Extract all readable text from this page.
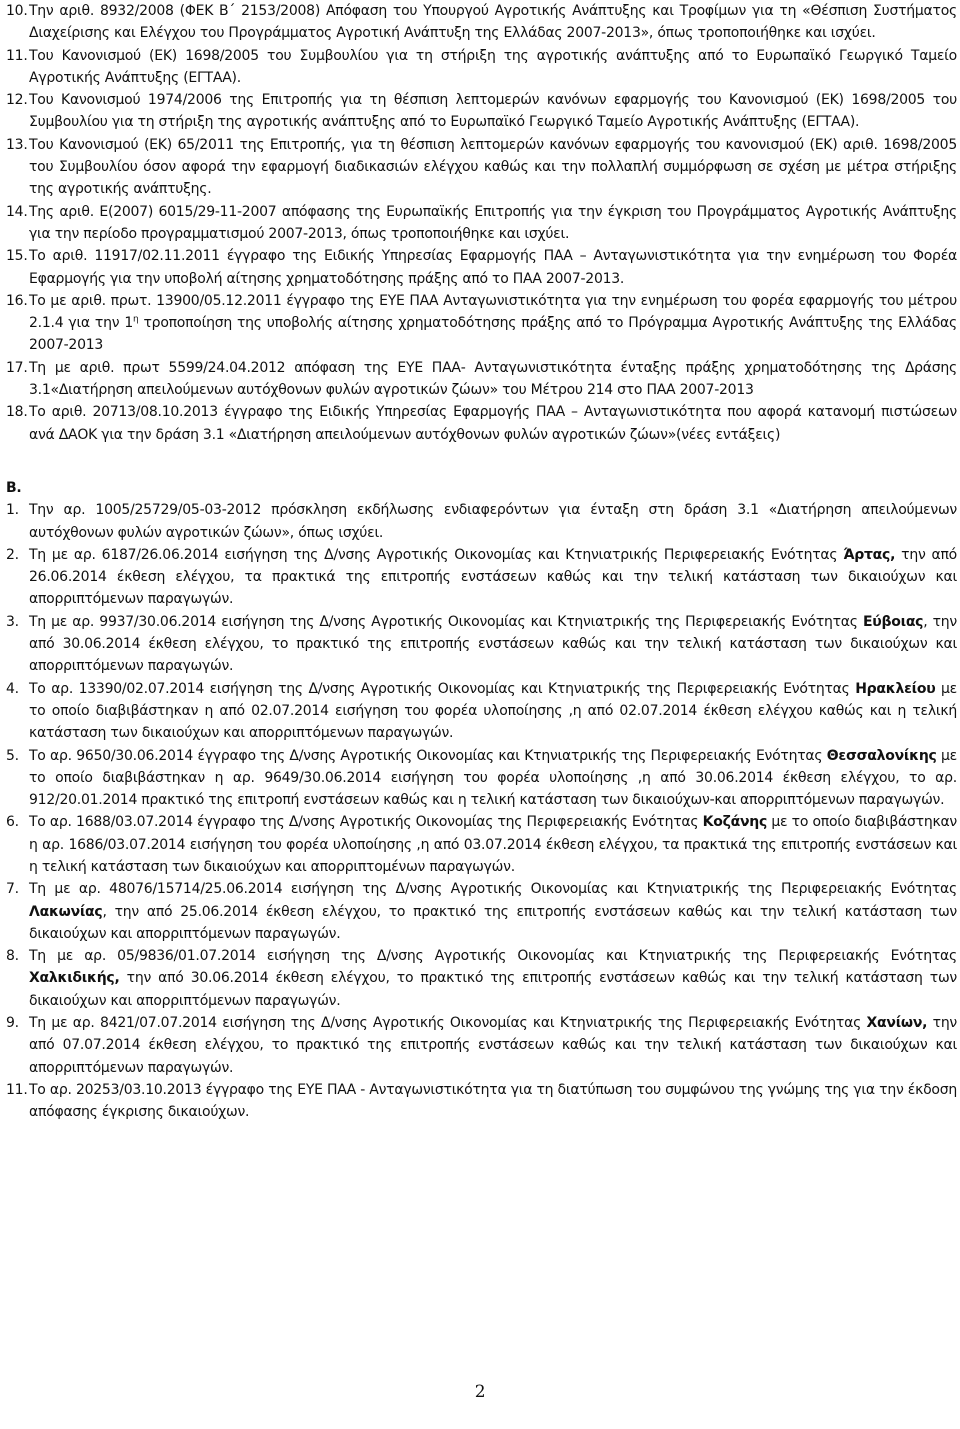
10. Την αριθ. 8932/2008 (ΦΕΚ Β΄ 2153/2008) Απόφαση του Υπουργού Αγροτικής Ανάπτυξης και Τροφίμων για τη «Θέσπιση Συστήματος Διαχείρισης και Ελέγχου του Προγράμματος Αγροτική Ανάπτυξη της Ελλάδας 2007-2013», όπως τροποποιήθηκε και ισχύει.
11. Του Κανονισμού (ΕΚ) 1698/2005 του Συμβουλίου για τη στήριξη της αγροτικής ανάπτυξης από το Ευρωπαϊκό Γεωργικό Ταμείο Αγροτικής Ανάπτυξης (ΕΓΤΑΑ).
12. Του Κανονισμού 1974/2006 της Επιτροπής για τη θέσπιση λεπτομερών κανόνων εφαρμογής του Κανονισμού (ΕΚ) 1698/2005 του Συμβουλίου για τη στήριξη της αγροτικής ανάπτυξης από το Ευρωπαϊκό Γεωργικό Ταμείο Αγροτικής Ανάπτυξης (ΕΓΤΑΑ).
13. Του Κανονισμού (ΕΚ) 65/2011 της Επιτροπής, για τη θέσπιση λεπτομερών κανόνων εφαρμογής του κανονισμού (ΕΚ) αριθ. 1698/2005 του Συμβουλίου όσον αφορά την εφαρμογή διαδικασιών ελέγχου καθώς και την πολλαπλή συμμόρφωση σε σχέση με μέτρα στήριξης της αγροτικής ανάπτυξης.
14. Της αριθ. Ε(2007) 6015/29-11-2007 απόφασης της Ευρωπαϊκής Επιτροπής για την έγκριση του Προγράμματος Αγροτικής Ανάπτυξης για την περίοδο προγραμματισμού 2007-2013, όπως τροποποιήθηκε και ισχύει.
15. Το αριθ. 11917/02.11.2011 έγγραφο της Ειδικής Υπηρεσίας Εφαρμογής ΠΑΑ – Ανταγωνιστικότητα για την ενημέρωση του Φορέα Εφαρμογής για την υποβολή αίτησης χρηματοδότησης πράξης από το ΠΑΑ 2007-2013.
16. Το με αριθ. πρωτ. 13900/05.12.2011 έγγραφο της ΕΥΕ ΠΑΑ Ανταγωνιστικότητα για την ενημέρωση του φορέα εφαρμογής του μέτρου 2.1.4 για την $1^\eta$ τροποποίηση της υποβολής αίτησης χρηματοδότησης πράξης από το Πρόγραμμα Αγροτικής Ανάπτυξης της Ελλάδας 2007-2013
17. Τη με αριθ. πρωτ 5599/24.04.2012 απόφαση της ΕΥΕ ΠΑΑ- Ανταγωνιστικότητα ένταξης πράξης χρηματοδότησης της Δράσης 3.1«Διατήρηση απειλούμενων αυτόχθονων φυλών αγροτικών ζώων» του Μέτρου 214 στο ΠΑΑ 2007-2013
18. Το αριθ. 20713/08.10.2013 έγγραφο της Ειδικής Υπηρεσίας Εφαρμογής ΠΑΑ – Ανταγωνιστικότητα που αφορά κατανομή πιστώσεων ανά ΔΑΟΚ για την δράση 3.1 «Διατήρηση απειλούμενων αυτόχθονων φυλών αγροτικών ζώων»(νέες εντάξεις)
Β.
1. Την αρ. 1005/25729/05-03-2012 πρόσκληση εκδήλωσης ενδιαφερόντων για ένταξη στη δράση 3.1 «Διατήρηση απειλούμενων αυτόχθονων φυλών αγροτικών ζώων», όπως ισχύει.
2. Τη με αρ. 6187/26.06.2014 εισήγηση της Δ/νσης Αγροτικής Οικονομίας και Κτηνιατρικής Περιφερειακής Ενότητας Άρτας, την από 26.06.2014 έκθεση ελέγχου, τα πρακτικά της επιτροπής ενστάσεων καθώς και την τελική κατάσταση των δικαιούχων και απορριπτόμενων παραγωγών.
3. Τη με αρ. 9937/30.06.2014 εισήγηση της Δ/νσης Αγροτικής Οικονομίας και Κτηνιατρικής της Περιφερειακής Ενότητας Εύβοιας, την από 30.06.2014 έκθεση ελέγχου, το πρακτικό της επιτροπής ενστάσεων καθώς και την τελική κατάσταση των δικαιούχων και απορριπτόμενων παραγωγών.
4. Το αρ. 13390/02.07.2014 εισήγηση της Δ/νσης Αγροτικής Οικονομίας και Κτηνιατρικής της Περιφερειακής Ενότητας Ηρακλείου με το οποίο διαβιβάστηκαν η από 02.07.2014 εισήγηση του φορέα υλοποίησης ,η από 02.07.2014 έκθεση ελέγχου καθώς και η τελική κατάσταση των δικαιούχων και απορριπτόμενων παραγωγών.
5. Το αρ. 9650/30.06.2014 έγγραφο της Δ/νσης Αγροτικής Οικονομίας και Κτηνιατρικής της Περιφερειακής Ενότητας Θεσσαλονίκης με το οποίο διαβιβάστηκαν η αρ. 9649/30.06.2014 εισήγηση του φορέα υλοποίησης ,η από 30.06.2014 έκθεση ελέγχου, το αρ. 912/20.01.2014 πρακτικό της επιτροπή ενστάσεων καθώς και η τελική κατάσταση των δικαιούχων-και απορριπτόμενων παραγωγών.
6. Το αρ. 1688/03.07.2014 έγγραφο της Δ/νσης Αγροτικής Οικονομίας της Περιφερειακής Ενότητας Κοζάνης με το οποίο διαβιβάστηκαν η αρ. 1686/03.07.2014 εισήγηση του φορέα υλοποίησης ,η από 03.07.2014 έκθεση ελέγχου, τα πρακτικά της επιτροπής ενστάσεων και η τελική κατάσταση των δικαιούχων και απορριπτομένων παραγωγών.
7. Τη με αρ. 48076/15714/25.06.2014 εισήγηση της Δ/νσης Αγροτικής Οικονομίας και Κτηνιατρικής της Περιφερειακής Ενότητας Λακωνίας, την από 25.06.2014 έκθεση ελέγχου, το πρακτικό της επιτροπής ενστάσεων καθώς και την τελική κατάσταση των δικαιούχων και απορριπτόμενων παραγωγών.
8. Τη με αρ. 05/9836/01.07.2014 εισήγηση της Δ/νσης Αγροτικής Οικονομίας και Κτηνιατρικής της Περιφερειακής Ενότητας Χαλκιδικής, την από 30.06.2014 έκθεση ελέγχου, το πρακτικό της επιτροπής ενστάσεων καθώς και την τελική κατάσταση των δικαιούχων και απορριπτόμενων παραγωγών.
9. Τη με αρ. 8421/07.07.2014 εισήγηση της Δ/νσης Αγροτικής Οικονομίας και Κτηνιατρικής της Περιφερειακής Ενότητας Χανίων, την από 07.07.2014 έκθεση ελέγχου, το πρακτικό της επιτροπής ενστάσεων καθώς και την τελική κατάσταση των δικαιούχων και απορριπτόμενων παραγωγών.
11. Το αρ. 20253/03.10.2013 έγγραφο της ΕΥΕ ΠΑΑ - Ανταγωνιστικότητα για τη διατύπωση του συμφώνου της γνώμης της για την έκδοση απόφασης έγκρισης δικαιούχων.
2
